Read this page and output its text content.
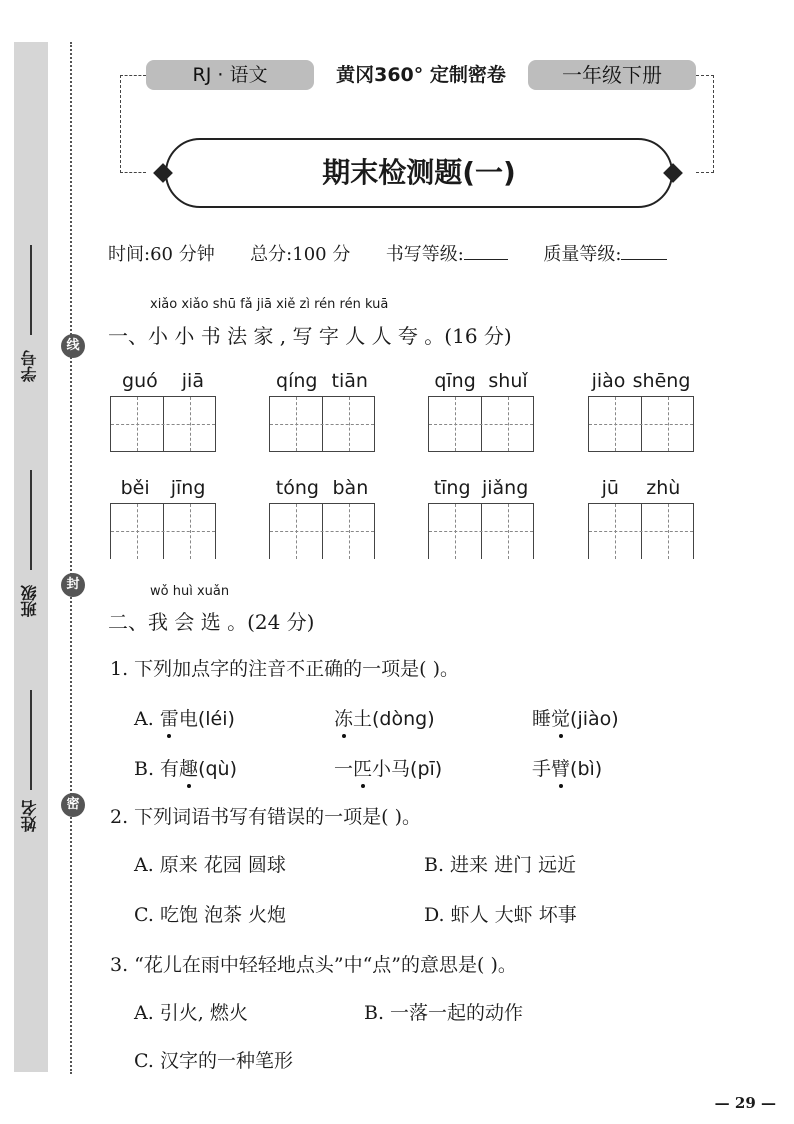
学号
班级
姓名
线
封
密
RJ · 语文	黄冈360° 定制密卷	一年级下册
期末检测题(一)
时间:60 分钟 总分:100 分 书写等级:	质量等级:
xiǎo xiǎo shū fǎ jiā xiě zì rén rén kuā
一、小 小 书 法 家 , 写 字 人 人 夸 。(16 分)
guó jiā	qíng tiān	qīng shuǐ	jiào shēng
běi jīng	tóng bàn	tīng jiǎng	jū zhù
wǒ huì xuǎn
二、我 会 选 。(24 分)
1. 下列加点字的注音不正确的一项是( )。
A. 雷电(léi)	冻土(dòng)	睡觉(jiào)
B. 有趣(qù)	一匹小马(pī)	手臂(bì)
2. 下列词语书写有错误的一项是( )。
A. 原来 花园 圆球	B. 进来 进门 远近
C. 吃饱 泡茶 火炮	D. 虾人 大虾 坏事
3. “花儿在雨中轻轻地点头”中“点”的意思是( )。
A. 引火, 燃火	B. 一落一起的动作
C. 汉字的一种笔形
— 29 —
